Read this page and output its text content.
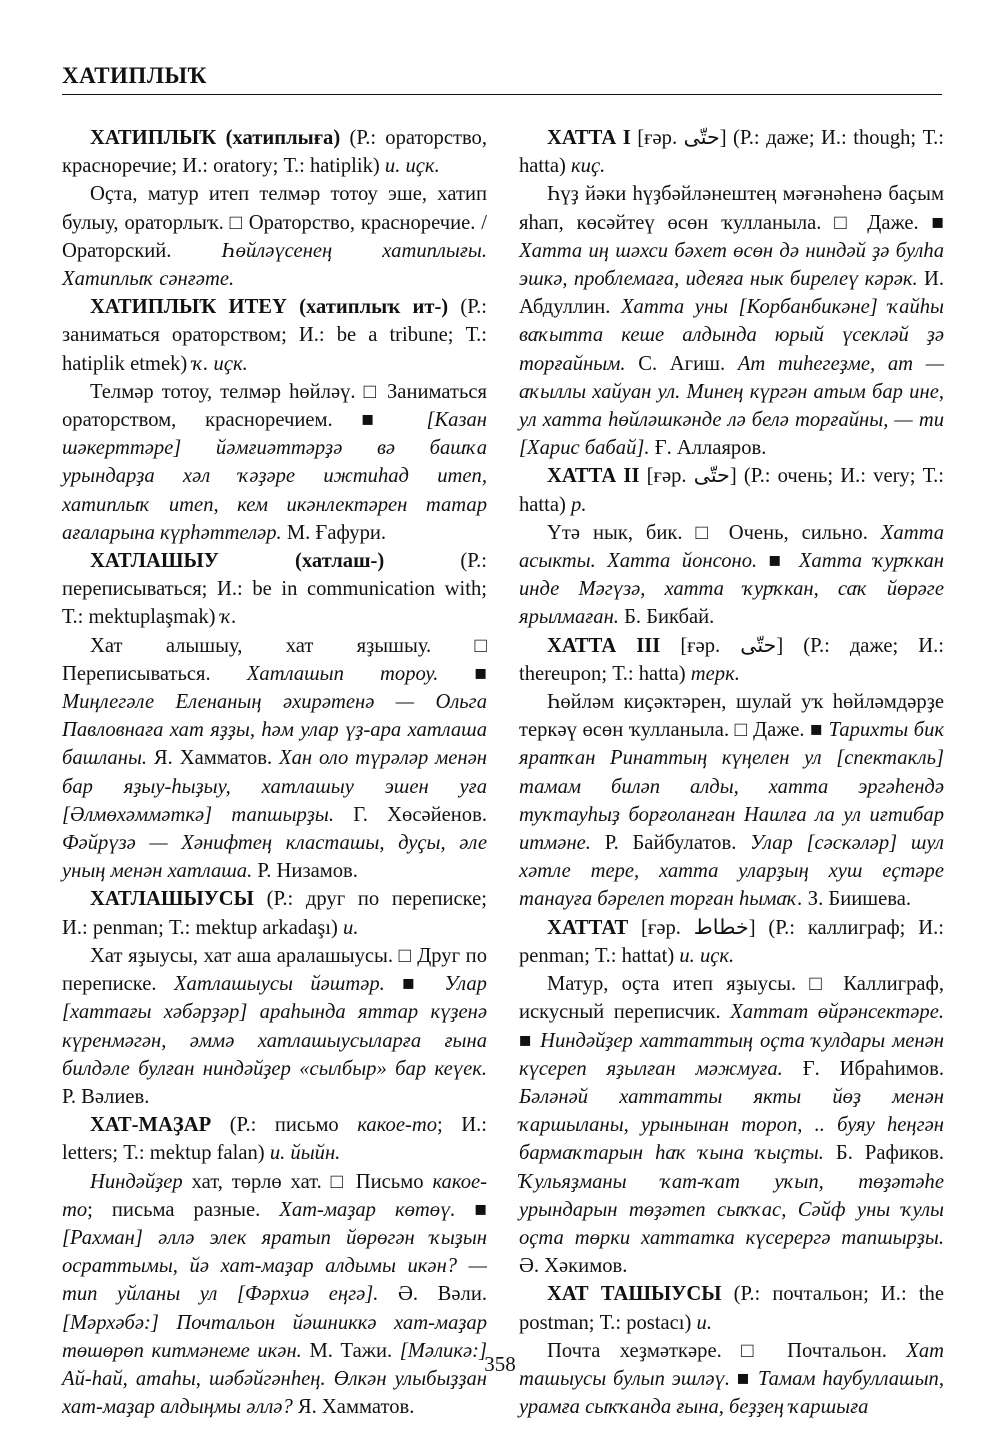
ХАТИПЛЫҠ

ХАТИПЛЫҠ (хатиплыға) (Р.: ораторство, красноречие; И.: oratory; Т.: hatiplik) и. иҫк.

Оҫта, матур итеп телмәр тотоу эше, хатип булыу, ораторлыҡ. □ Ораторство, красноречие. / Ораторский. Һөйләүсенең хатиплығы. Хатиплыҡ сәнғәте.

ХАТИПЛЫҠ ИТЕҮ (хатиплыҡ ит-) (Р.: заниматься ораторством; И.: be a tribune; Т.: hatiplik etmek) ҡ. иҫк.

Телмәр тотоу, телмәр һөйләү. □ Заниматься ораторством, красноречием. ■ [Казан шәкерттәре] йәмғиәттәрҙә вә башҡа урындарҙа хәл ҡәҙәре ижтиһад итеп, хатиплыҡ итеп, кем икәнлектәрен татар ағаларына күрһәттеләр. М. Ғафури.

ХАТЛАШЫУ (хатлаш-) (Р.: переписываться; И.: be in communication with; Т.: mektuplaşmak) ҡ.

Хат алышыу, хат яҙышыу. □ Переписываться. Хатлашып тороу. ■ Миңлегәле Еленаның әхирәтенә — Ольга Павловнаға хат яҙҙы, һәм улар үҙ-ара хатлаша башланы. Я. Хамматов. Хан оло түрәләр менән бар яҙыу-һыҙыу, хатлашыу эшен уға [Әлмөхәммәткә] тапшырҙы. Г. Хөсәйенов. Фәйрүзә — Хәнифтең класташы, дуҫы, әле уның менән хатлаша. Р. Низамов.

ХАТЛАШЫУСЫ (Р.: друг по переписке; И.: penman; Т.: mektup arkadaşı) и.

Хат яҙыусы, хат аша аралашыусы. □ Друг по переписке. Хатлашыусы йәштәр. ■ Улар [хаттағы хәбәрҙәр] араһында яттар күҙенә күренмәгән, әммә хатлашыусыларға ғына билдәле булған ниндәйҙер «сылбыр» бар кеүек. Р. Вәлиев.

ХАТ-МАҘАР (Р.: письмо какое-то; И.: letters; Т.: mektup falan) и. йыйн.

Ниндәйҙер хат, төрлө хат. □ Письмо какое-то; письма разные. Хат-маҙар көтөү. ■ [Рахман] әллә элек яратып йөрөгән ҡыҙын осраттымы, йә хат-маҙар алдымы икән? — тип уйланы ул [Фәрхиә еңгә]. Ә. Вәли. [Мәрхәбә:] Почтальон йәшниккә хат-маҙар төшөрөп китмәнеме икән. М. Тажи. [Мәликә:] Ай-һай, атаһы, шәбәйгәнһең. Өлкән улыбыҙҙан хат-маҙар алдыңмы әллә? Я. Хамматов.

ХАТТА I [ғәр. حتّى] (Р.: даже; И.: though; Т.: hatta) киҫ.

Һүҙ йәки һүҙбәйләнештең мәғәнәһенә баҫым яһап, көсәйтеү өсөн ҡулланыла. □ Даже. ■ Хатта иң шәхси бәхет өсөн дә ниндәй ҙә булһа эшкә, проблемаға, идеяға нык бирелеү кәрәк. И. Абдуллин. Хатта уны [Корбанбикәне] ҡайһы ваҡытта кеше алдында юрый үсекләй ҙә торғайным. С. Агиш. Ат тиһегеҙме, ат — аҡыллы хайуан ул. Минең күргән атым бар ине, ул хатта һөйләшкәнде лә белә торғайны, — ти [Харис бабай]. Ғ. Аллаяров.

ХАТТА II [ғәр. حتّى] (Р.: очень; И.: very; Т.: hatta) р.

Үтә нык, бик. □ Очень, сильно. Хатта асыкты. Хатта йонсоно. ■ Хатта ҡурҡкан инде Мәгүзә, хатта ҡурҡкан, саҡ йөрәге ярылмаған. Б. Бикбай.

ХАТТА III [ғәр. حتّى] (Р.: даже; И.: thereupon; Т.: hatta) терк.

Һөйләм киҫәктәрен, шулай уҡ һөйләмдәрҙе теркәү өсөн ҡулланыла. □ Даже. ■ Тарихты бик яратҡан Ринаттың күңелен ул [спектакль] тамам биләп алды, хатта эргәһендә туҡтауһыҙ борғоланған Наилға ла ул иғтибар итмәне. Р. Байбулатов. Улар [сәскәләр] шул хәтле тере, хатта уларҙың хуш еҫтәре танауға бәрелеп торған һымаҡ. З. Биишева.

ХАТТАТ [ғәр. خطاط] (Р.: каллиграф; И.: penman; Т.: hattat) и. иҫк.

Матур, оҫта итеп яҙыусы. □ Каллиграф, искусный переписчик. Хаттат өйрәнсектәре. ■ Ниндәйҙер хаттаттың оҫта ҡулдары менән күсереп яҙылған мәжмуға. Ғ. Ибраһимов. Бәләнәй хаттатты якты йөҙ менән ҡаршыланы, урынынан тороп, .. буяу һеңгән бармаҡтарын һаҡ ҡына ҡыҫты. Б. Рафиков. Ҡульяҙманы ҡат-ҡат уҡып, төҙәтәһе урындарын төҙәтеп сыҡҡас, Сәйф уны ҡулы оҫта төрки хаттатка күсерергә тапшырҙы. Ә. Хәкимов.

ХАТ ТАШЫУСЫ (Р.: почтальон; И.: the postman; Т.: postacı) и.

Почта хеҙмәткәре. □ Почтальон. Хат ташыусы булып эшләү. ■ Тамам һаубуллашып, урамға сыҡҡанда ғына, беҙҙең ҡаршыға

358
